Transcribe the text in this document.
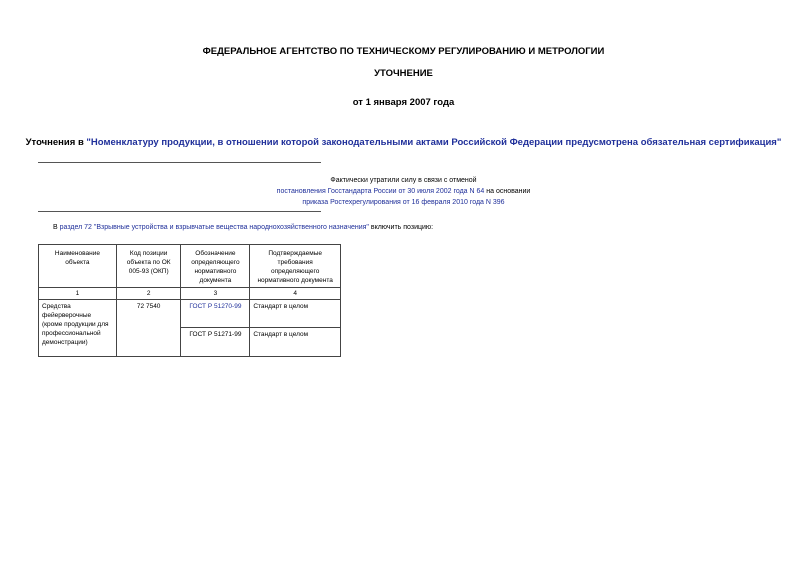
ФЕДЕРАЛЬНОЕ АГЕНТСТВО ПО ТЕХНИЧЕСКОМУ РЕГУЛИРОВАНИЮ И МЕТРОЛОГИИ
УТОЧНЕНИЕ
от 1 января 2007 года
Уточнения в "Номенклатуру продукции, в отношении которой законодательными актами Российской Федерации предусмотрена обязательная сертификация"
Фактически утратили силу в связи с отменой
постановления Госстандарта России от 30 июля 2002 года N 64 на основании
приказа Ростехрегулирования от 16 февраля 2010 года N 396
В раздел 72 "Взрывные устройства и взрывчатые вещества народнохозяйственного назначения" включить позицию:
Наименование объекта	Код позиции объекта по ОК 005-93 (ОКП)	Обозначение определяющего нормативного документа	Подтверждаемые требования определяющего нормативного документа
1	2	3	4
Средства фейерверочные (кроме продукции для профессиональной демонстрации)	72 7540	ГОСТ Р 51270-99	Стандарт в целом
		ГОСТ Р 51271-99	Стандарт в целом
